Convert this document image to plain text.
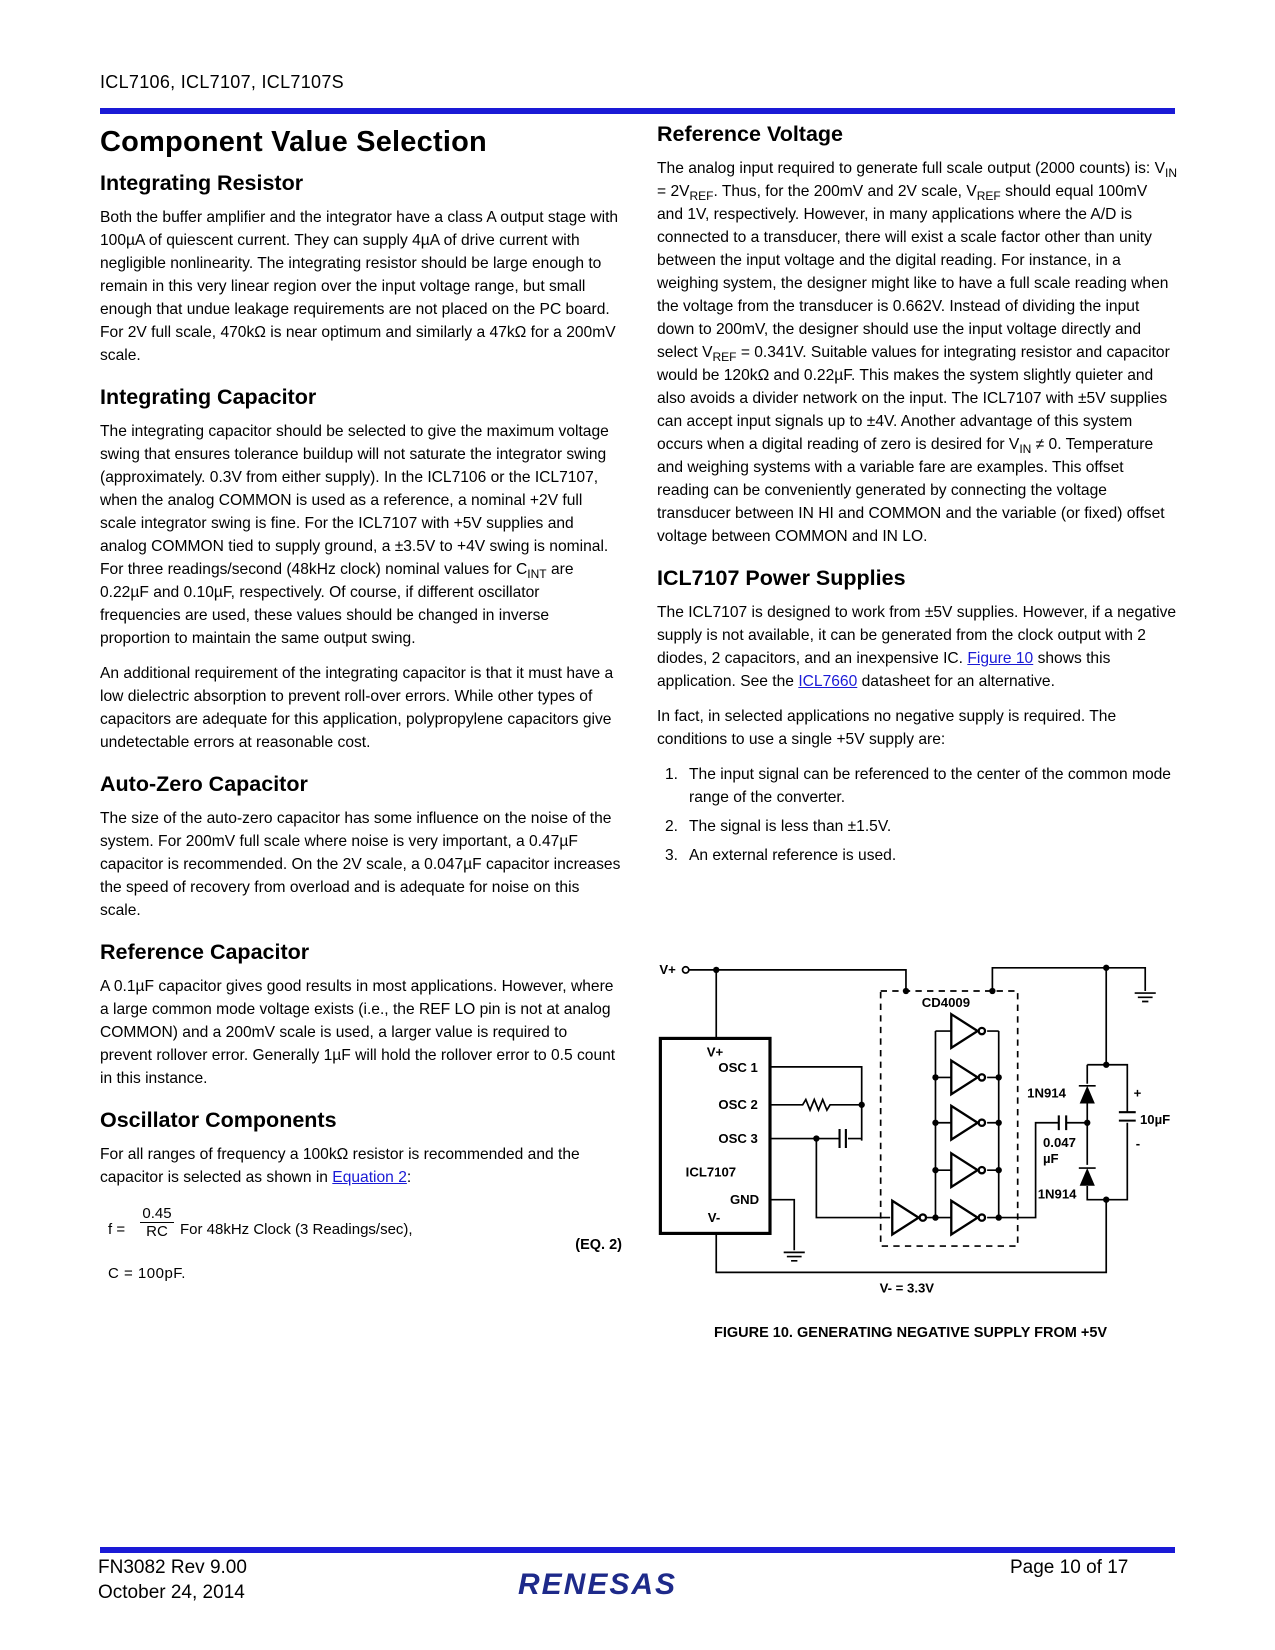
ICL7106, ICL7107, ICL7107S
Component Value Selection
Integrating Resistor

Both the buffer amplifier and the integrator have a class A output stage with 100µA of quiescent current. They can supply 4µA of drive current with negligible nonlinearity. The integrating resistor should be large enough to remain in this very linear region over the input voltage range, but small enough that undue leakage requirements are not placed on the PC board. For 2V full scale, 470kΩ is near optimum and similarly a 47kΩ for a 200mV scale.

Integrating Capacitor

The integrating capacitor should be selected to give the maximum voltage swing that ensures tolerance buildup will not saturate the integrator swing (approximately. 0.3V from either supply). In the ICL7106 or the ICL7107, when the analog COMMON is used as a reference, a nominal +2V full scale integrator swing is fine. For the ICL7107 with +5V supplies and analog COMMON tied to supply ground, a ±3.5V to +4V swing is nominal. For three readings/second (48kHz clock) nominal values for $C_{INT}$ are 0.22µF and 0.10µF, respectively. Of course, if different oscillator frequencies are used, these values should be changed in inverse proportion to maintain the same output swing.

An additional requirement of the integrating capacitor is that it must have a low dielectric absorption to prevent roll-over errors. While other types of capacitors are adequate for this application, polypropylene capacitors give undetectable errors at reasonable cost.

Auto-Zero Capacitor

The size of the auto-zero capacitor has some influence on the noise of the system. For 200mV full scale where noise is very important, a 0.47µF capacitor is recommended. On the 2V scale, a 0.047µF capacitor increases the speed of recovery from overload and is adequate for noise on this scale.

Reference Capacitor

A 0.1µF capacitor gives good results in most applications. However, where a large common mode voltage exists (i.e., the REF LO pin is not at analog COMMON) and a 200mV scale is used, a larger value is required to prevent rollover error. Generally 1µF will hold the rollover error to 0.5 count in this instance.

Oscillator Components

For all ranges of frequency a 100kΩ resistor is recommended and the capacitor is selected as shown in Equation 2:

$f = \frac{0.45}{RC}$ For 48kHz Clock (3 Readings/sec),
(EQ. 2)
C = 100pF.
Reference Voltage

The analog input required to generate full scale output (2000 counts) is: $V_{IN} = 2V_{REF}$. Thus, for the 200mV and 2V scale, $V_{REF}$ should equal 100mV and 1V, respectively. However, in many applications where the A/D is connected to a transducer, there will exist a scale factor other than unity between the input voltage and the digital reading. For instance, in a weighing system, the designer might like to have a full scale reading when the voltage from the transducer is 0.662V. Instead of dividing the input down to 200mV, the designer should use the input voltage directly and select $V_{REF} = 0.341V$. Suitable values for integrating resistor and capacitor would be 120kΩ and 0.22µF. This makes the system slightly quieter and also avoids a divider network on the input. The ICL7107 with ±5V supplies can accept input signals up to ±4V. Another advantage of this system occurs when a digital reading of zero is desired for $V_{IN} \ne 0$. Temperature and weighing systems with a variable fare are examples. This offset reading can be conveniently generated by connecting the voltage transducer between IN HI and COMMON and the variable (or fixed) offset voltage between COMMON and IN LO.

ICL7107 Power Supplies

The ICL7107 is designed to work from ±5V supplies. However, if a negative supply is not available, it can be generated from the clock output with 2 diodes, 2 capacitors, and an inexpensive IC. Figure 10 shows this application. See the ICL7660 datasheet for an alternative.

In fact, in selected applications no negative supply is required. The conditions to use a single +5V supply are:

1. The input signal can be referenced to the center of the common mode range of the converter.
2. The signal is less than ±1.5V.
3. An external reference is used.
V+
V+
OSC 1
OSC 2
OSC 3
ICL7107
GND
V-
CD4009
1N914
1N914
0.047
µF
10µF
+
-
V- = 3.3V
FIGURE 10. GENERATING NEGATIVE SUPPLY FROM +5V
FN3082 Rev 9.00
October 24, 2014	RENESAS
Page 10 of 17
